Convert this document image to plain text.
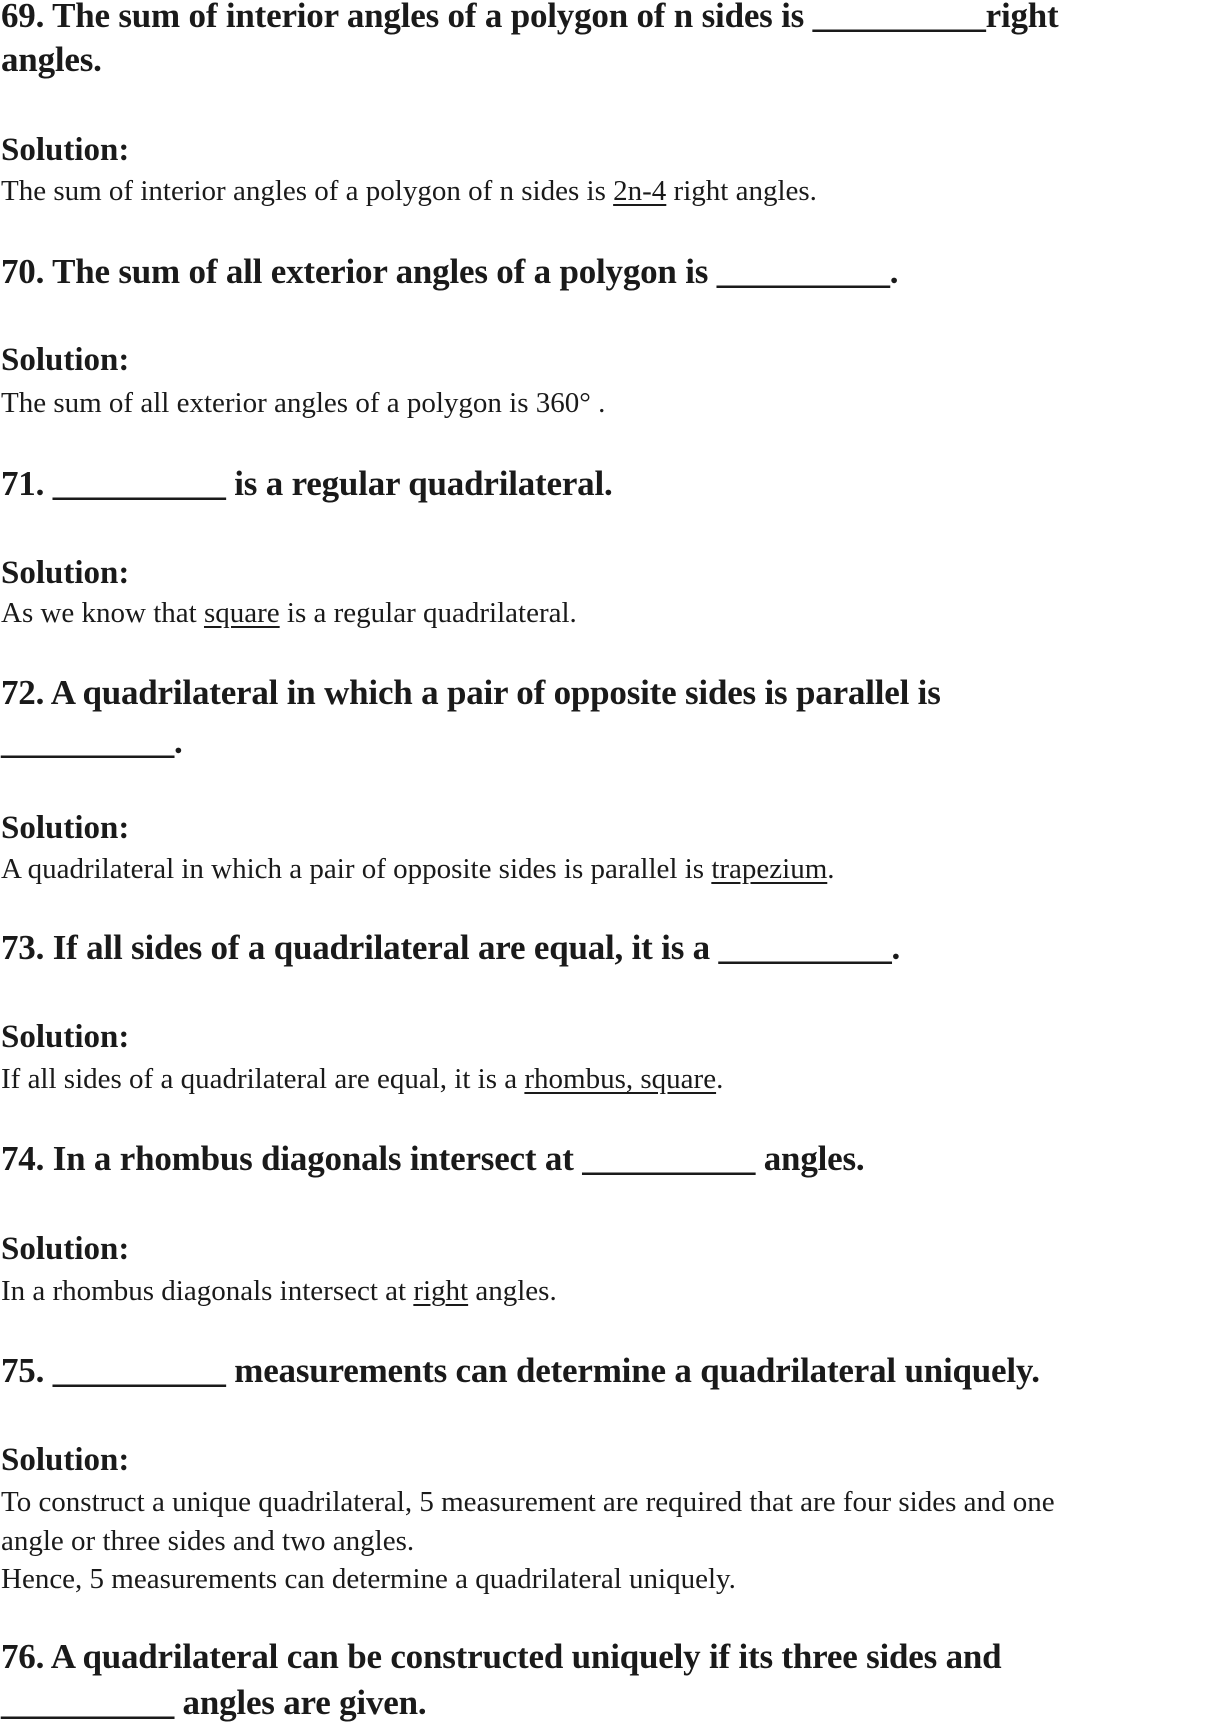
69. The sum of interior angles of a polygon of n sides is __________right
angles.
Solution:
The sum of interior angles of a polygon of n sides is 2n-4 right angles.
70. The sum of all exterior angles of a polygon is __________.
Solution:
The sum of all exterior angles of a polygon is 360° .
71. __________ is a regular quadrilateral.
Solution:
As we know that square is a regular quadrilateral.
72. A quadrilateral in which a pair of opposite sides is parallel is
__________.
Solution:
A quadrilateral in which a pair of opposite sides is parallel is trapezium.
73. If all sides of a quadrilateral are equal, it is a __________.
Solution:
If all sides of a quadrilateral are equal, it is a rhombus, square.
74. In a rhombus diagonals intersect at __________ angles.
Solution:
In a rhombus diagonals intersect at right angles.
75. __________ measurements can determine a quadrilateral uniquely.
Solution:
To construct a unique quadrilateral, 5 measurement are required that are four sides and one
angle or three sides and two angles.
Hence, 5 measurements can determine a quadrilateral uniquely.
76. A quadrilateral can be constructed uniquely if its three sides and
__________ angles are given.
